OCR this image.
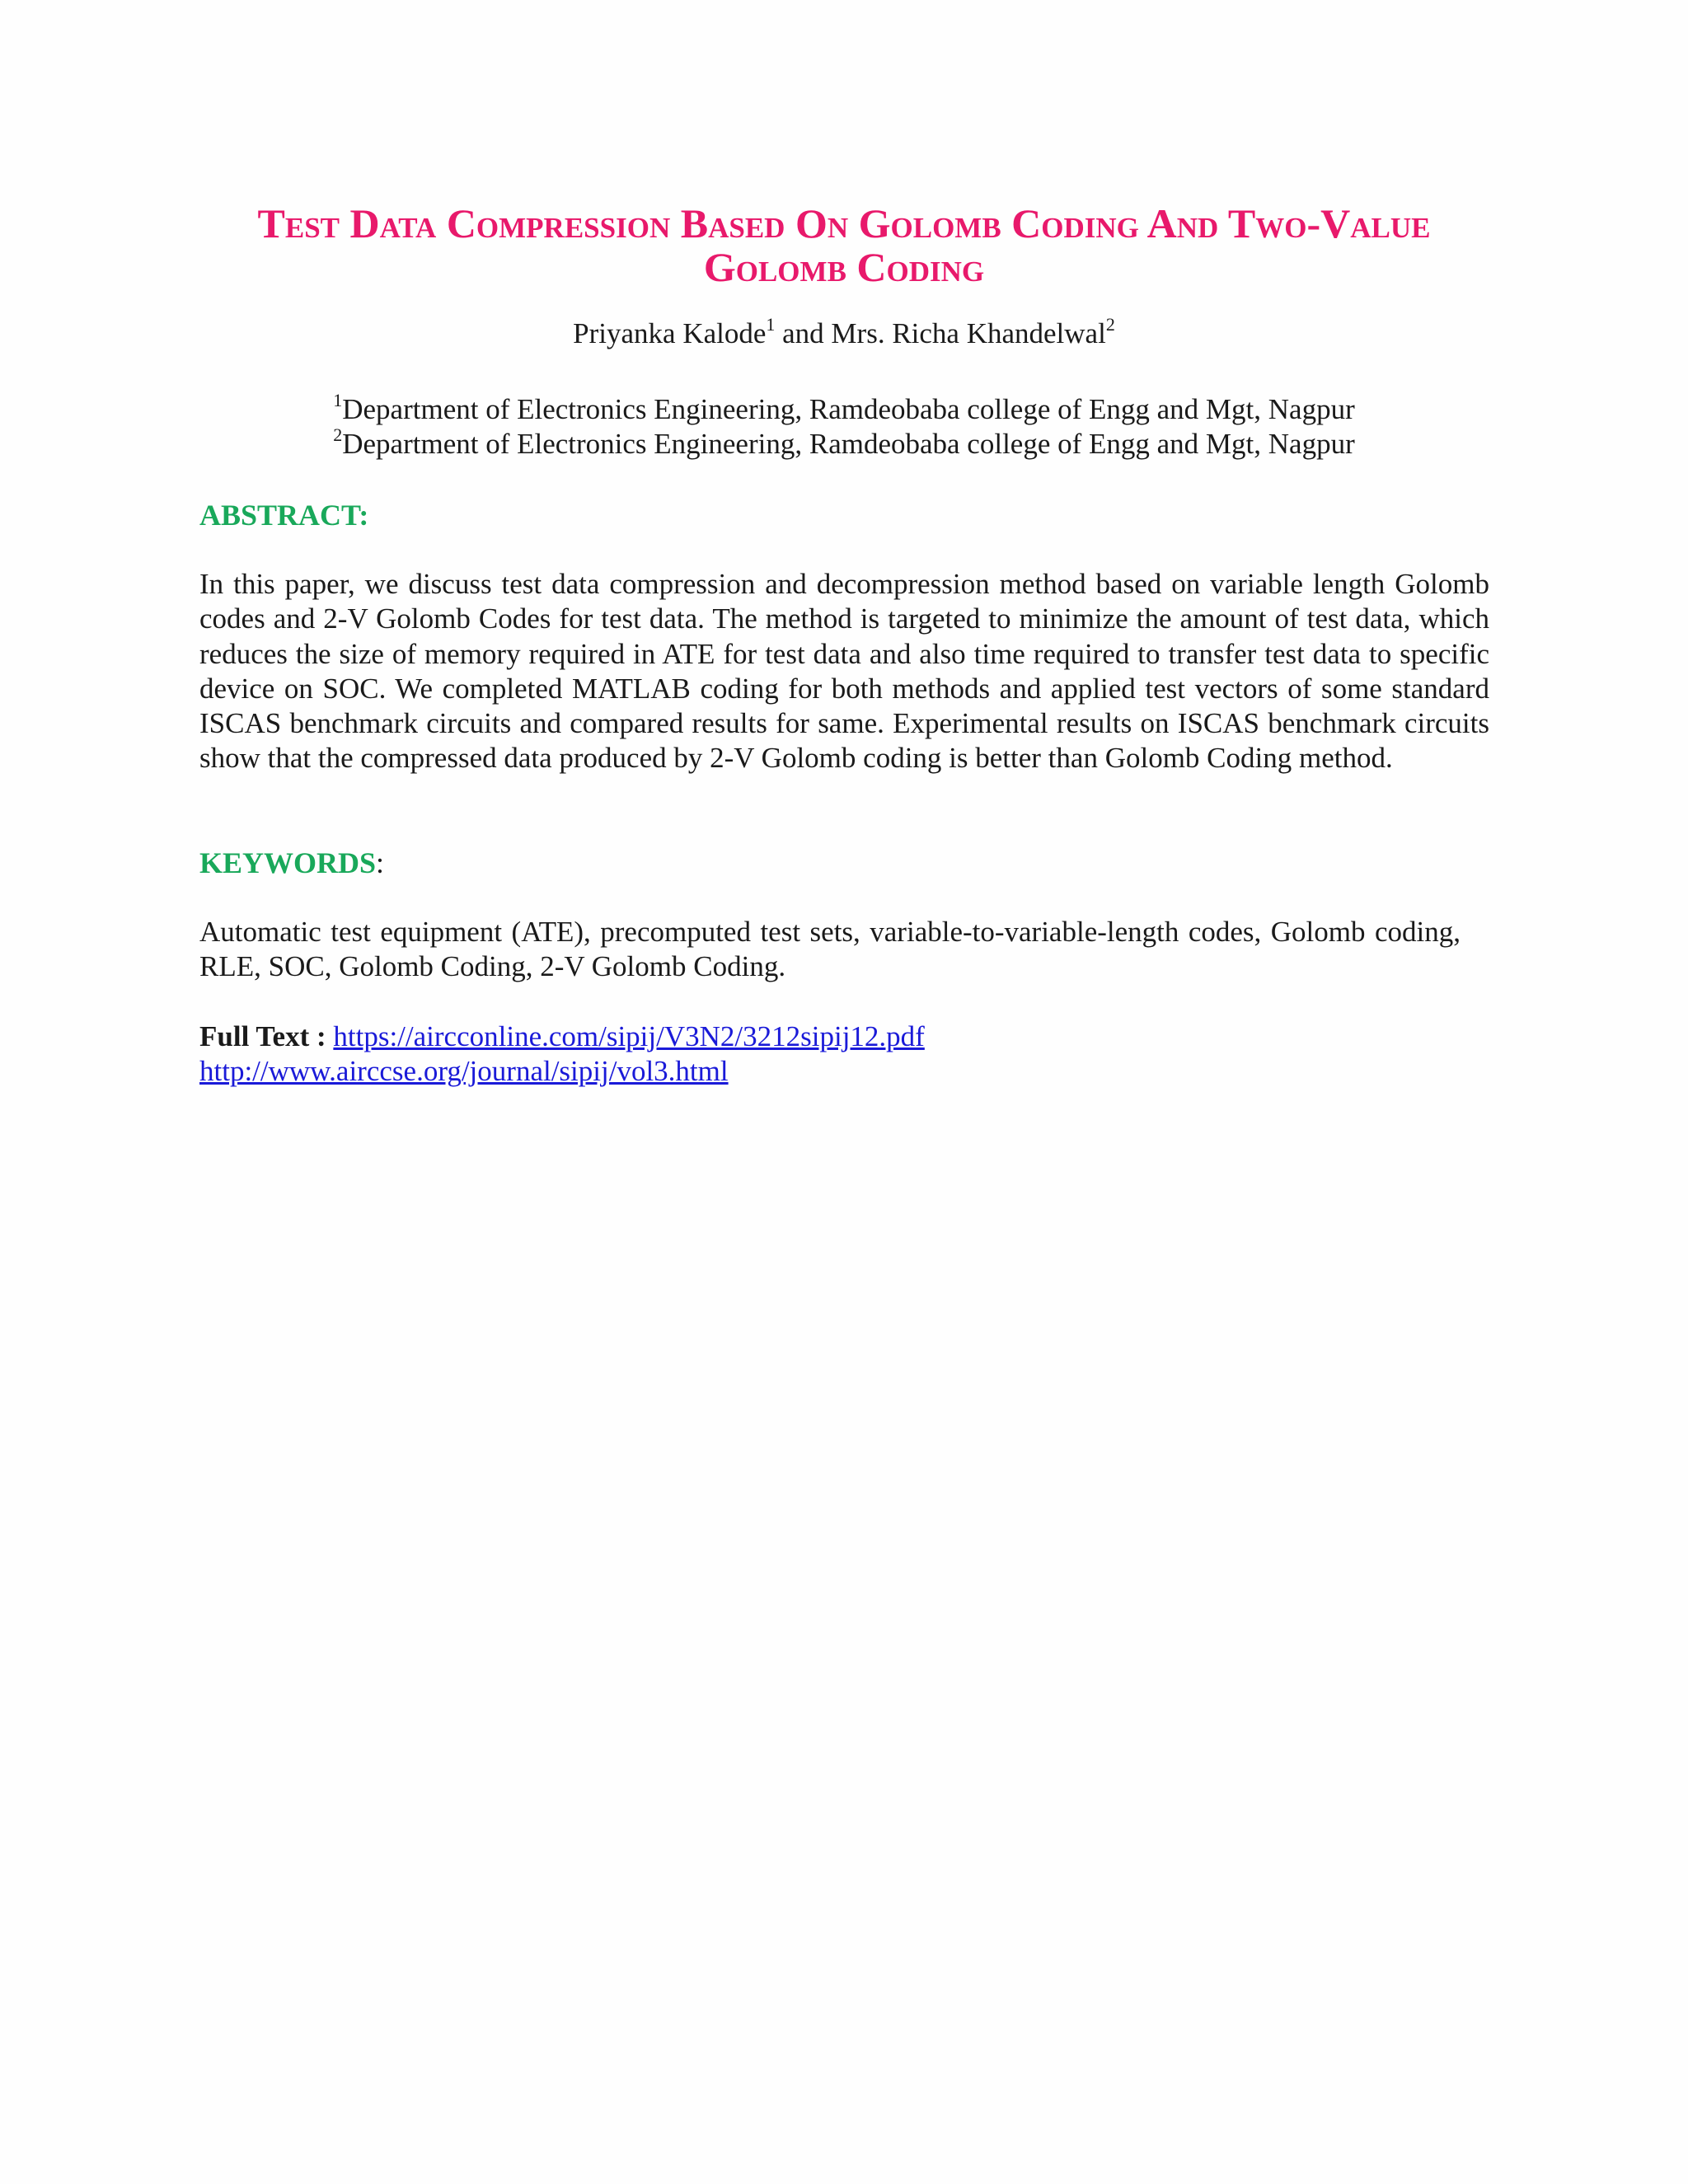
Test Data Compression Based On Golomb Coding And Two-Value
Golomb Coding
Priyanka Kalode$^1$ and Mrs. Richa Khandelwal$^2$
$^1$Department of Electronics Engineering, Ramdeobaba college of Engg and Mgt, Nagpur
$^2$Department of Electronics Engineering, Ramdeobaba college of Engg and Mgt, Nagpur
ABSTRACT:

In this paper, we discuss test data compression and decompression method based on variable length Golomb codes and 2-V Golomb Codes for test data. The method is targeted to minimize the amount of test data, which reduces the size of memory required in ATE for test data and also time required to transfer test data to specific device on SOC. We completed MATLAB coding for both methods and applied test vectors of some standard ISCAS benchmark circuits and compared results for same. Experimental results on ISCAS benchmark circuits show that the compressed data produced by 2-V Golomb coding is better than Golomb Coding method.

KEYWORDS:

Automatic test equipment (ATE), precomputed test sets, variable-to-variable-length codes, Golomb coding, RLE, SOC, Golomb Coding, 2-V Golomb Coding.

Full Text : https://aircconline.com/sipij/V3N2/3212sipij12.pdf
http://www.airccse.org/journal/sipij/vol3.html
